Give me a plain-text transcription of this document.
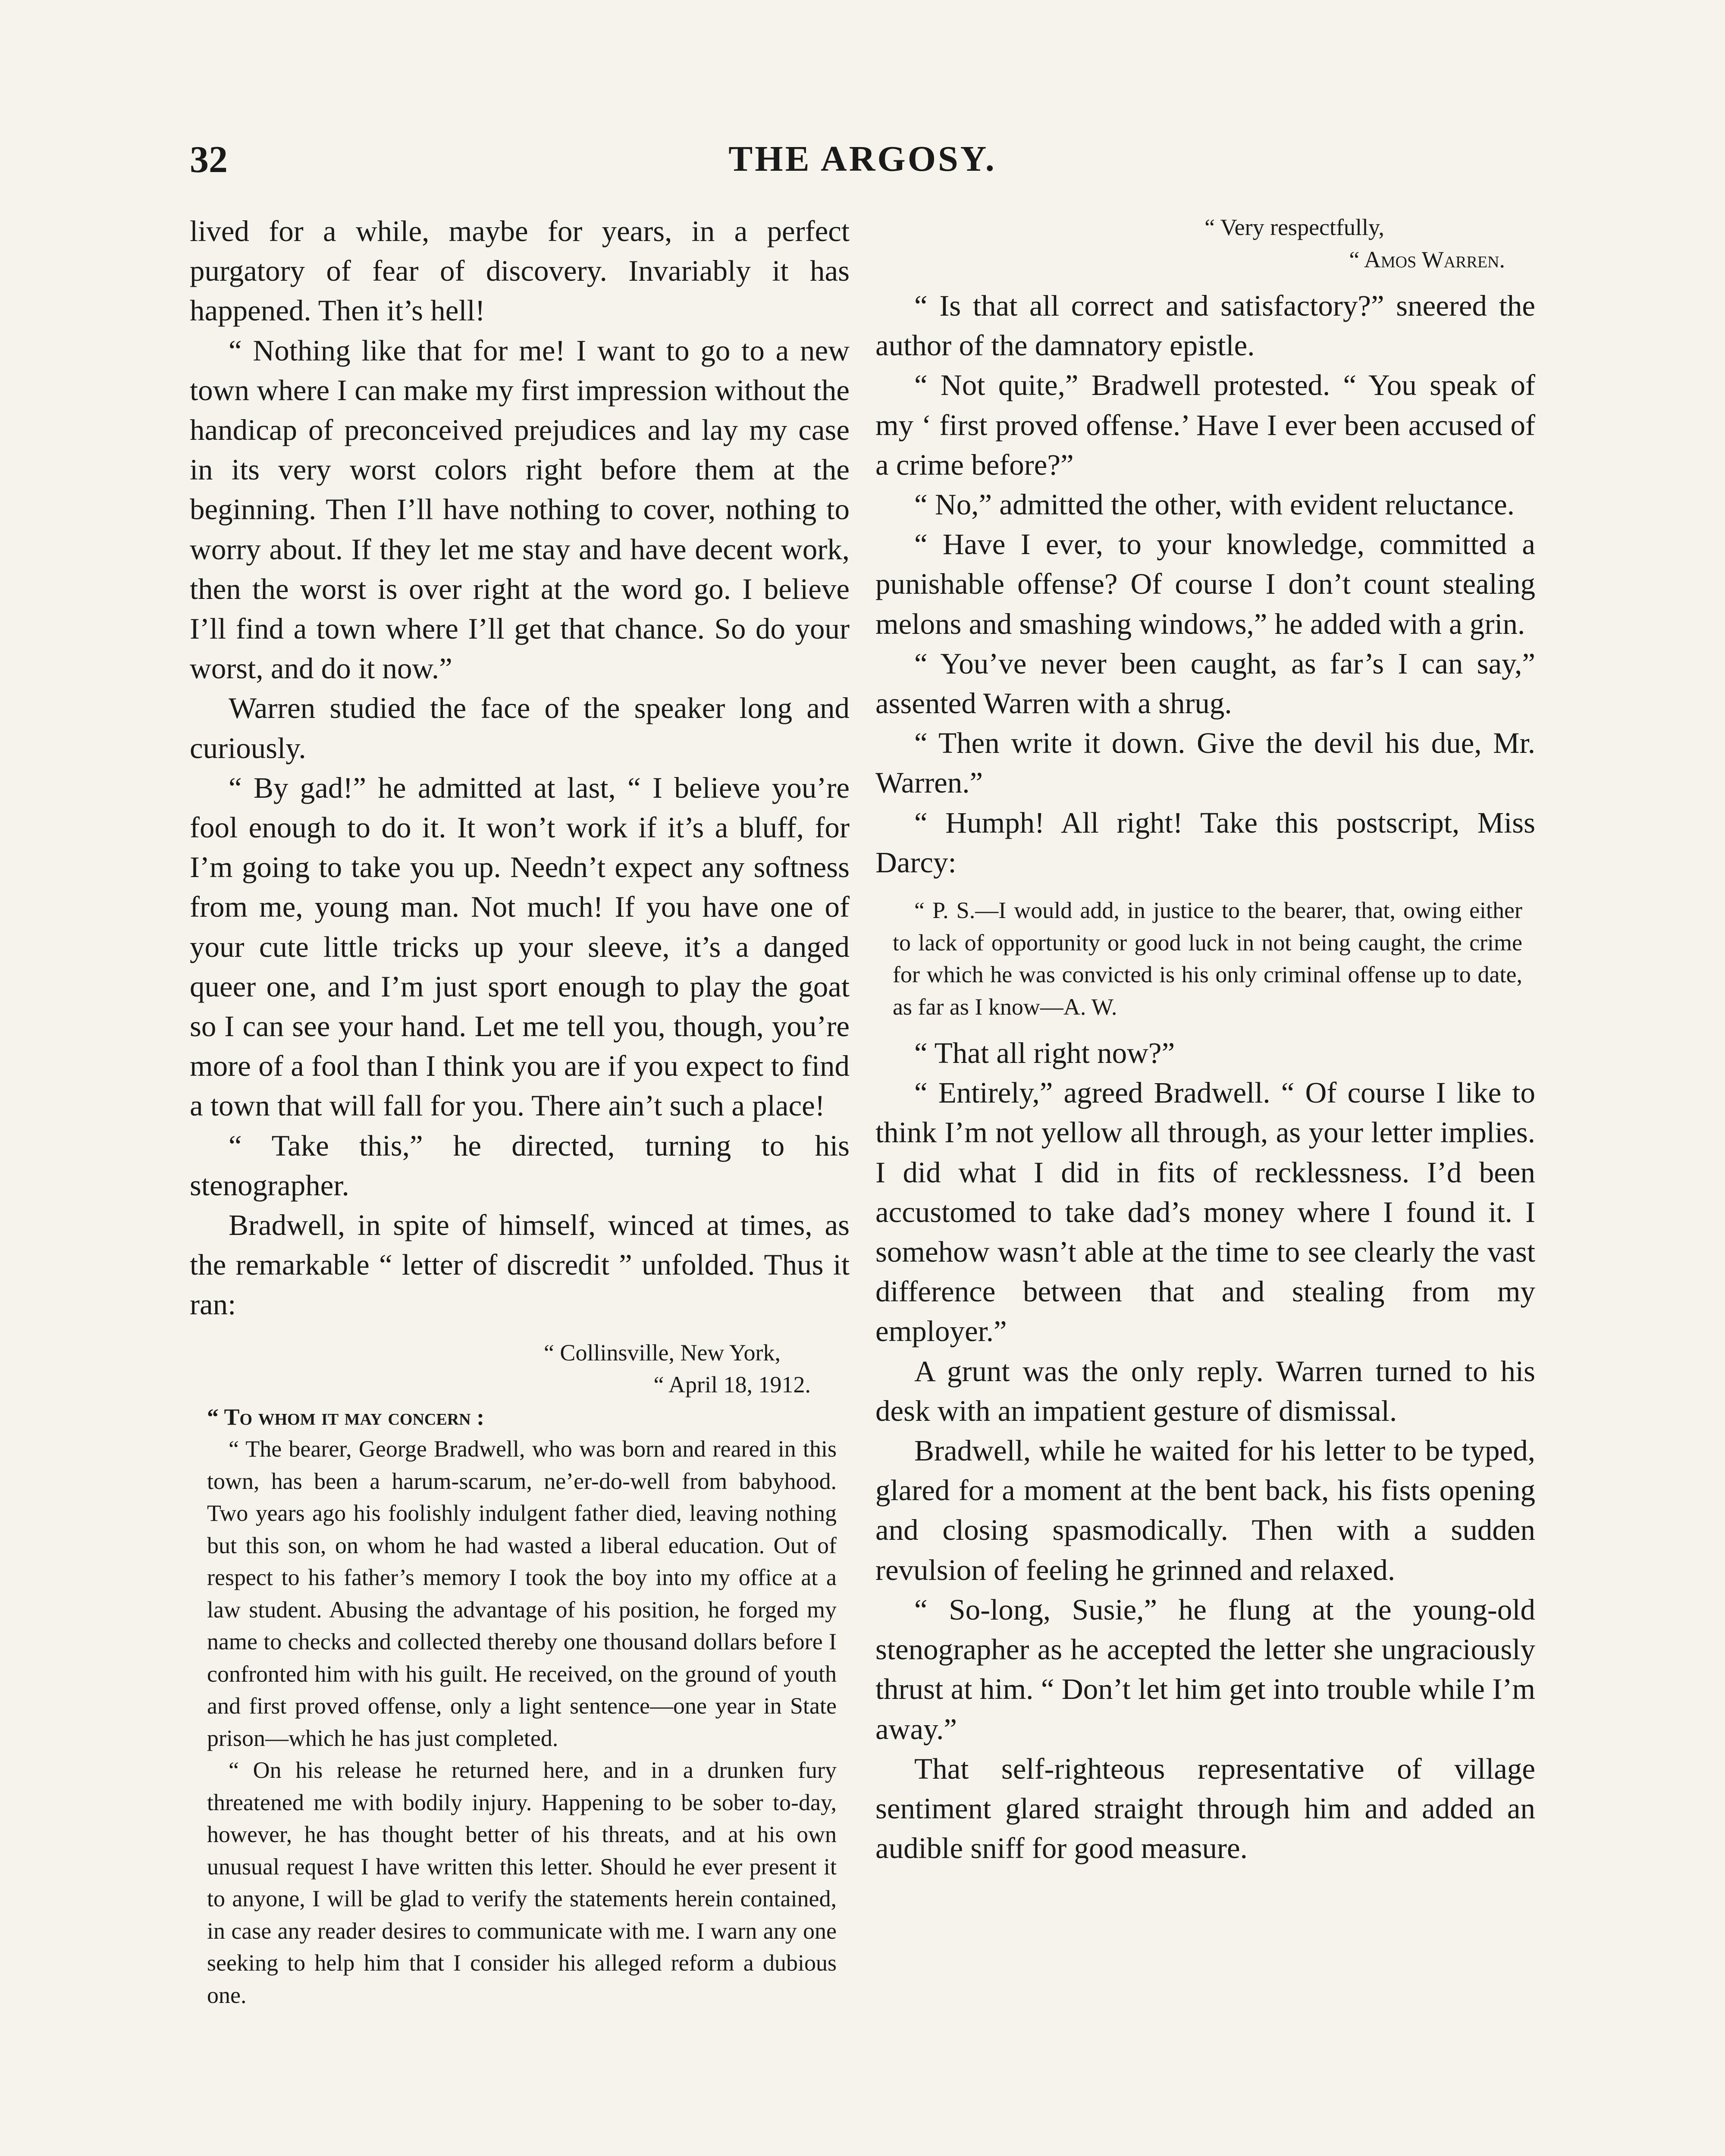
32	THE ARGOSY.

lived for a while, maybe for years, in a perfect purgatory of fear of discovery. Invariably it has happened. Then it’s hell!

“ Nothing like that for me! I want to go to a new town where I can make my first impression without the handicap of preconceived prejudices and lay my case in its very worst colors right before them at the beginning. Then I’ll have nothing to cover, nothing to worry about. If they let me stay and have decent work, then the worst is over right at the word go. I believe I’ll find a town where I’ll get that chance. So do your worst, and do it now.”

Warren studied the face of the speaker long and curiously.

“ By gad!” he admitted at last, “ I believe you’re fool enough to do it. It won’t work if it’s a bluff, for I’m going to take you up. Needn’t expect any softness from me, young man. Not much! If you have one of your cute little tricks up your sleeve, it’s a danged queer one, and I’m just sport enough to play the goat so I can see your hand. Let me tell you, though, you’re more of a fool than I think you are if you expect to find a town that will fall for you. There ain’t such a place!

“ Take this,” he directed, turning to his stenographer.

Bradwell, in spite of himself, winced at times, as the remarkable “ letter of discredit ” unfolded. Thus it ran:

“ Collinsville, New York,

“ April 18, 1912.

“ To whom it may concern :

“ The bearer, George Bradwell, who was born and reared in this town, has been a harum-scarum, ne’er-do-well from babyhood. Two years ago his foolishly indulgent father died, leaving nothing but this son, on whom he had wasted a liberal education. Out of respect to his father’s memory I took the boy into my office at a law student. Abusing the advantage of his position, he forged my name to checks and collected thereby one thousand dollars before I confronted him with his guilt. He received, on the ground of youth and first proved offense, only a light sentence—one year in State prison—which he has just completed.

“ On his release he returned here, and in a drunken fury threatened me with bodily injury. Happening to be sober to-day, however, he has thought better of his threats, and at his own unusual request I have written this letter. Should he ever present it to anyone, I will be glad to verify the statements herein contained, in case any reader desires to communicate with me. I warn any one seeking to help him that I consider his alleged reform a dubious one.

“ Very respectfully,

“ Amos Warren.

“ Is that all correct and satisfactory?” sneered the author of the damnatory epistle.

“ Not quite,” Bradwell protested. “ You speak of my ‘ first proved offense.’ Have I ever been accused of a crime before?”

“ No,” admitted the other, with evident reluctance.

“ Have I ever, to your knowledge, committed a punishable offense? Of course I don’t count stealing melons and smashing windows,” he added with a grin.

“ You’ve never been caught, as far’s I can say,” assented Warren with a shrug.

“ Then write it down. Give the devil his due, Mr. Warren.”

“ Humph! All right! Take this postscript, Miss Darcy:

“ P. S.—I would add, in justice to the bearer, that, owing either to lack of opportunity or good luck in not being caught, the crime for which he was convicted is his only criminal offense up to date, as far as I know—A. W.

“ That all right now?”

“ Entirely,” agreed Bradwell. “ Of course I like to think I’m not yellow all through, as your letter implies. I did what I did in fits of recklessness. I’d been accustomed to take dad’s money where I found it. I somehow wasn’t able at the time to see clearly the vast difference between that and stealing from my employer.”

A grunt was the only reply. Warren turned to his desk with an impatient gesture of dismissal.

Bradwell, while he waited for his letter to be typed, glared for a moment at the bent back, his fists opening and closing spasmodically. Then with a sudden revulsion of feeling he grinned and relaxed.

“ So-long, Susie,” he flung at the young-old stenographer as he accepted the letter she ungraciously thrust at him. “ Don’t let him get into trouble while I’m away.”

That self-righteous representative of village sentiment glared straight through him and added an audible sniff for good measure.
